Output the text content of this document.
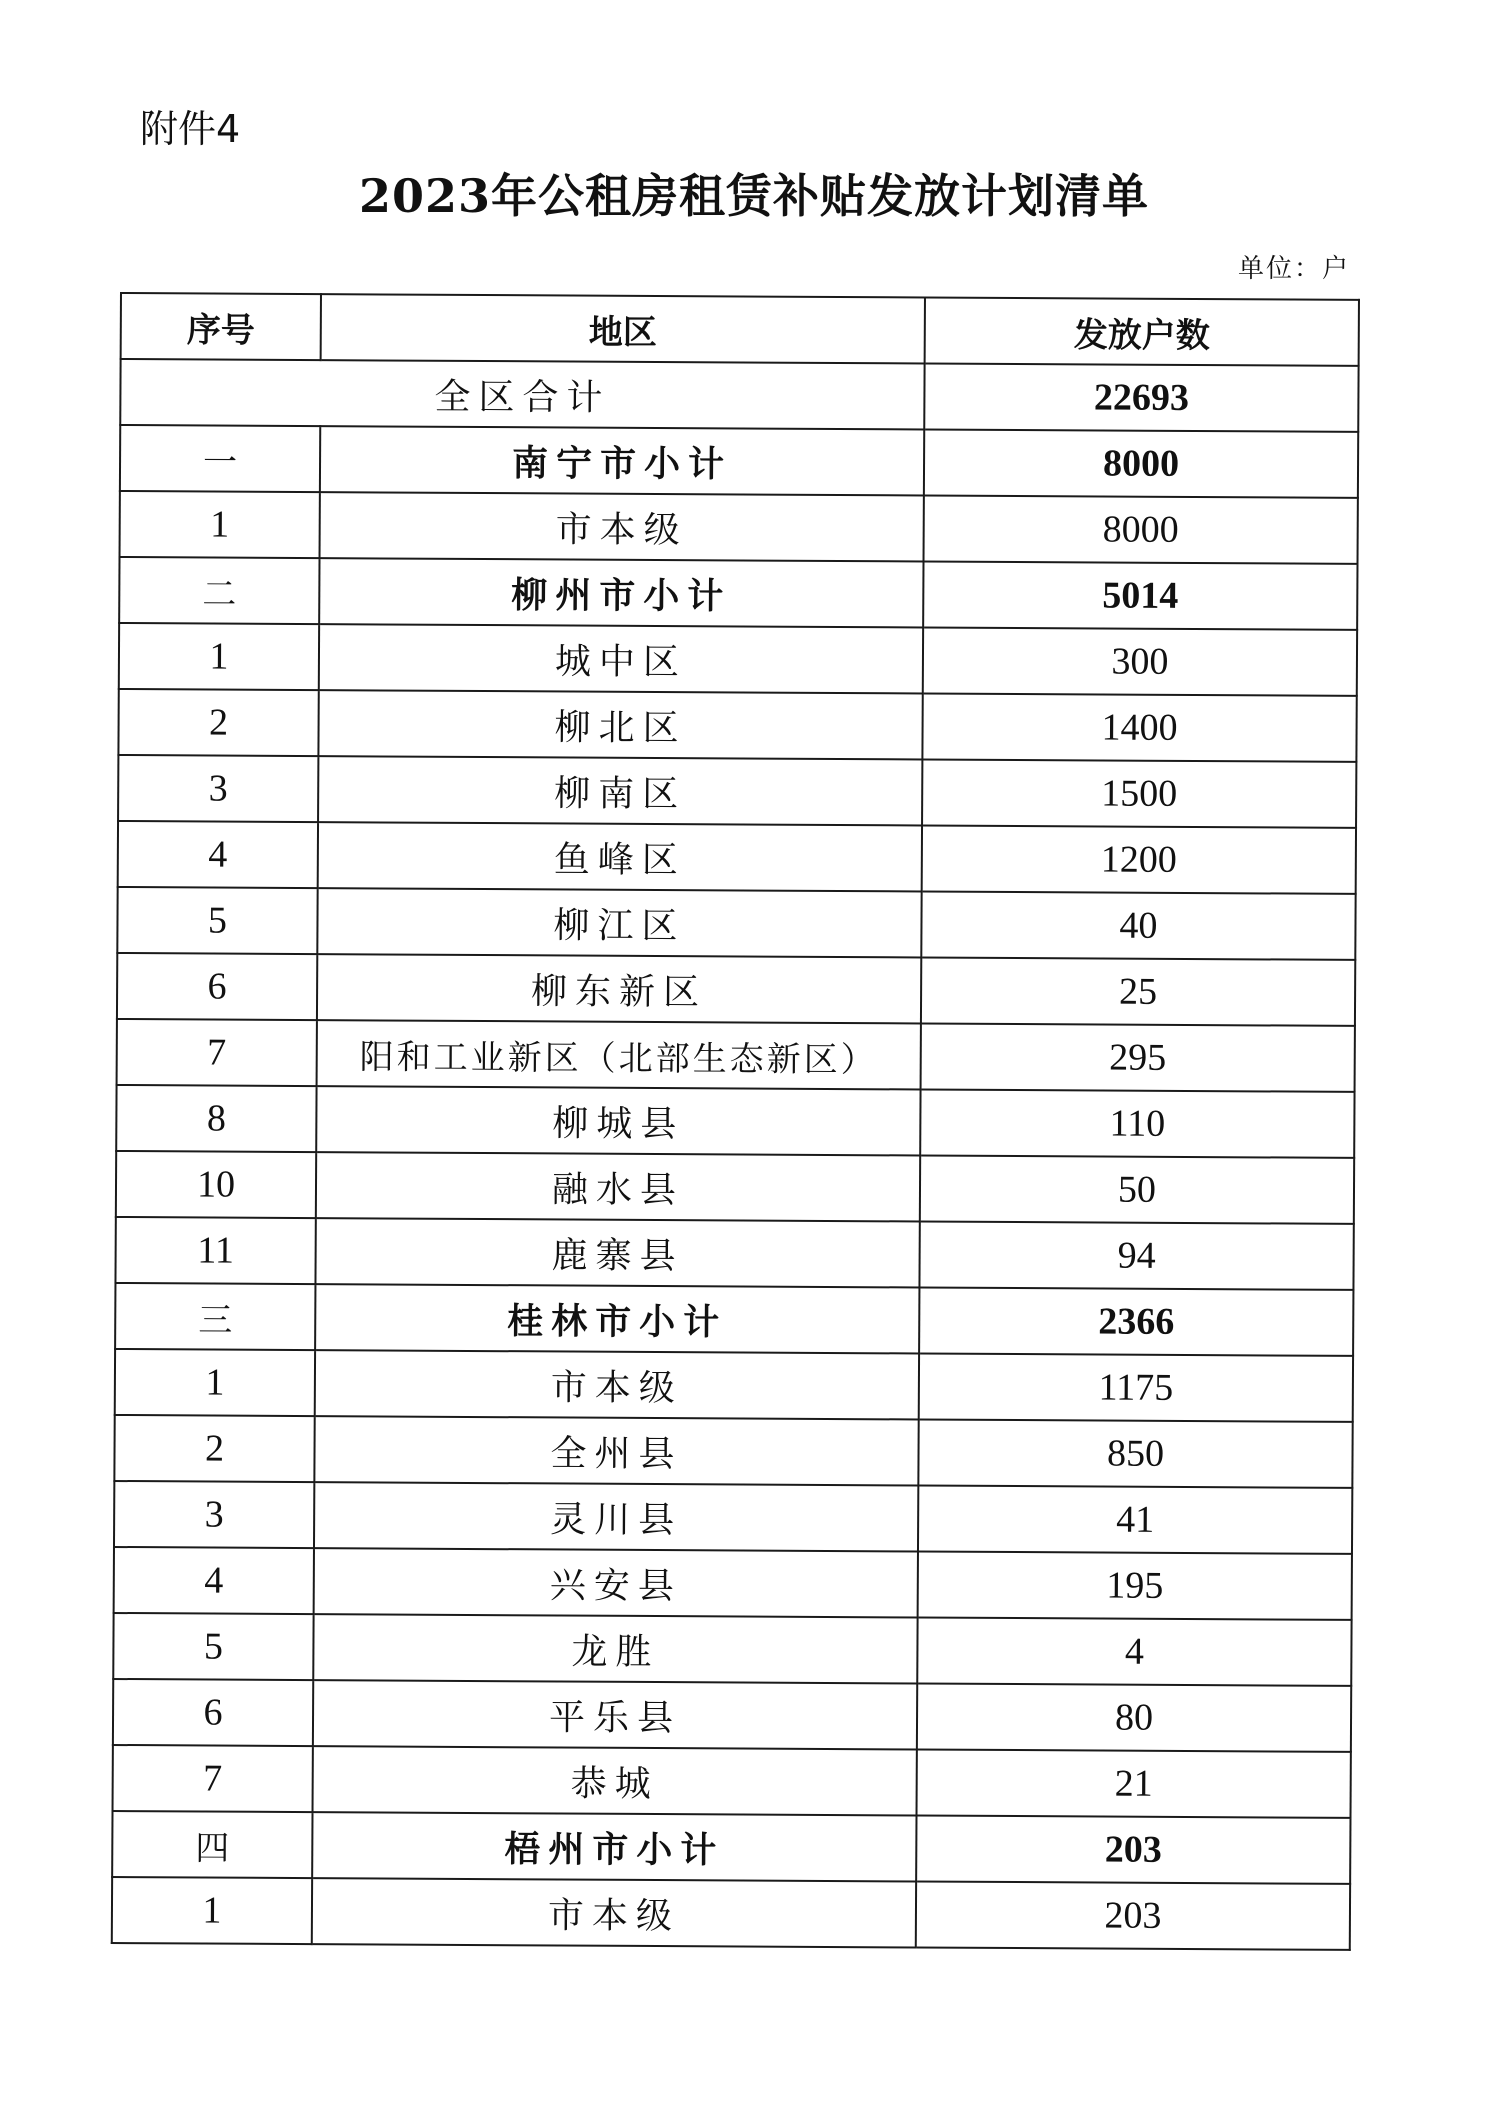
附件4
2023年公租房租赁补贴发放计划清单
单位：户
序号	地区	发放户数
全区合计		22693
一	南宁市小计	8000
1	市本级	8000
二	柳州市小计	5014
1	城中区	300
2	柳北区	1400
3	柳南区	1500
4	鱼峰区	1200
5	柳江区	40
6	柳东新区	25
7	阳和工业新区（北部生态新区）	295
8	柳城县	110
10	融水县	50
11	鹿寨县	94
三	桂林市小计	2366
1	市本级	1175
2	全州县	850
3	灵川县	41
4	兴安县	195
5	龙胜	4
6	平乐县	80
7	恭城	21
四	梧州市小计	203
1	市本级	203
